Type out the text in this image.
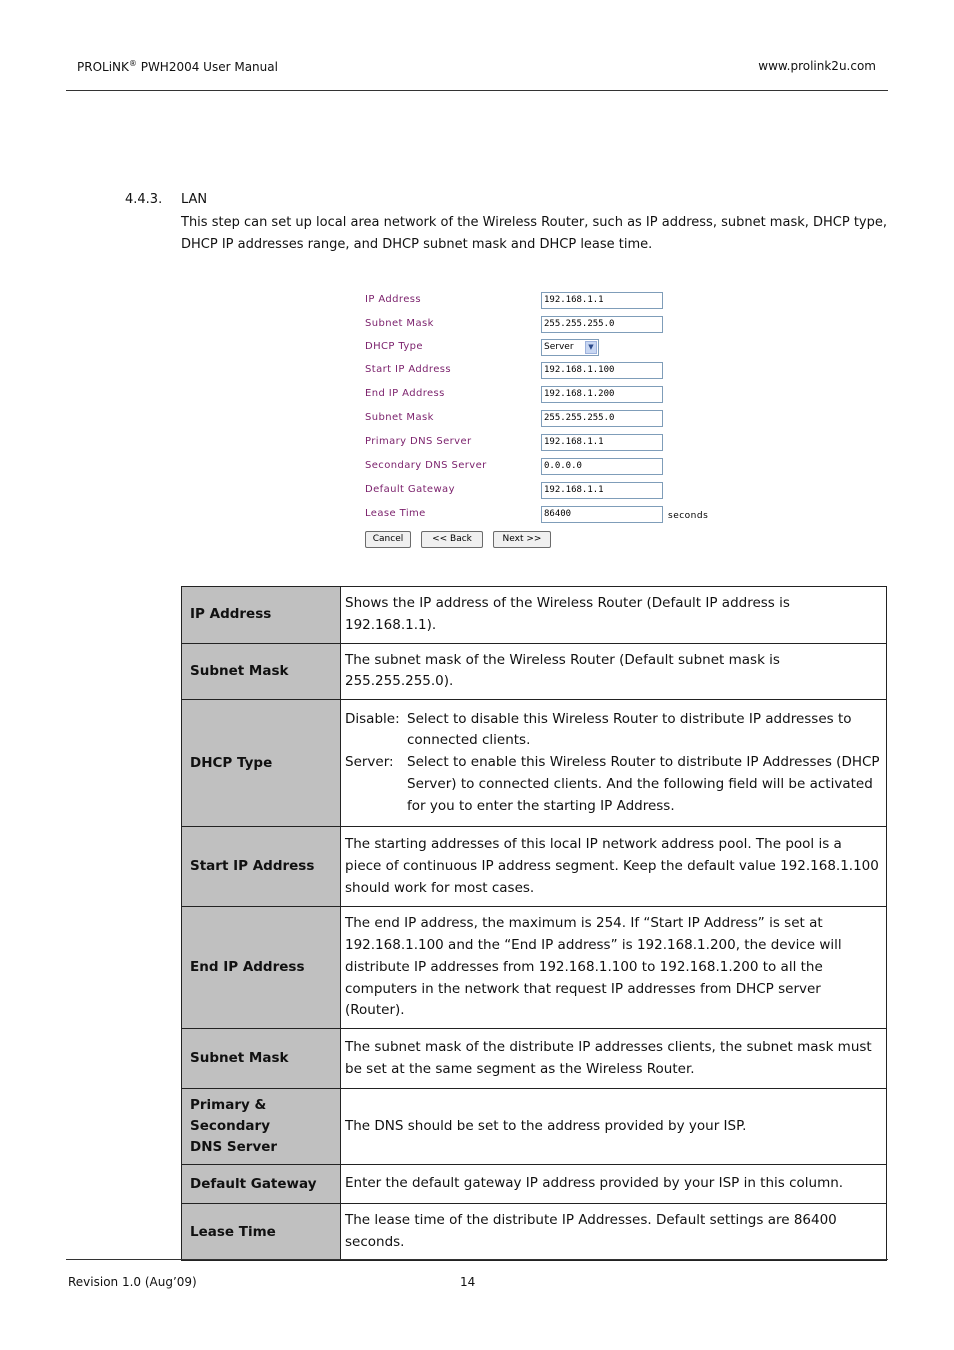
PROLiNK® PWH2004 User Manual	www.prolink2u.com
4.4.3. LAN
This step can set up local area network of the Wireless Router, such as IP address, subnet mask, DHCP type, DHCP IP addresses range, and DHCP subnet mask and DHCP lease time.
IP Address	192.168.1.1
Subnet Mask	255.255.255.0
DHCP Type	Server	▼
Start IP Address	192.168.1.100
End IP Address	192.168.1.200
Subnet Mask	255.255.255.0
Primary DNS Server	192.168.1.1
Secondary DNS Server	0.0.0.0
Default Gateway	192.168.1.1
Lease Time	86400	seconds
Cancel	<< Back	Next >>
IP Address	Shows the IP address of the Wireless Router (Default IP address is 192.168.1.1).
Subnet Mask	The subnet mask of the Wireless Router (Default subnet mask is 255.255.255.0).
DHCP Type	Disable: Select to disable this Wireless Router to distribute IP addresses to connected clients.
Server: Select to enable this Wireless Router to distribute IP Addresses (DHCP Server) to connected clients. And the following field will be activated for you to enter the starting IP Address.

Start IP Address	The starting addresses of this local IP network address pool. The pool is a piece of continuous IP address segment. Keep the default value 192.168.1.100 should work for most cases.
End IP Address	The end IP address, the maximum is 254. If “Start IP Address” is set at 192.168.1.100 and the “End IP address” is 192.168.1.200, the device will distribute IP addresses from 192.168.1.100 to 192.168.1.200 to all the computers in the network that request IP addresses from DHCP server (Router).
Subnet Mask	The subnet mask of the distribute IP addresses clients, the subnet mask must be set at the same segment as the Wireless Router.

Primary &
Secondary
DNS Server	The DNS should be set to the address provided by your ISP.
Default Gateway	Enter the default gateway IP address provided by your ISP in this column.
Lease Time	The lease time of the distribute IP Addresses. Default settings are 86400 seconds.
Revision 1.0 (Aug’09)	14
